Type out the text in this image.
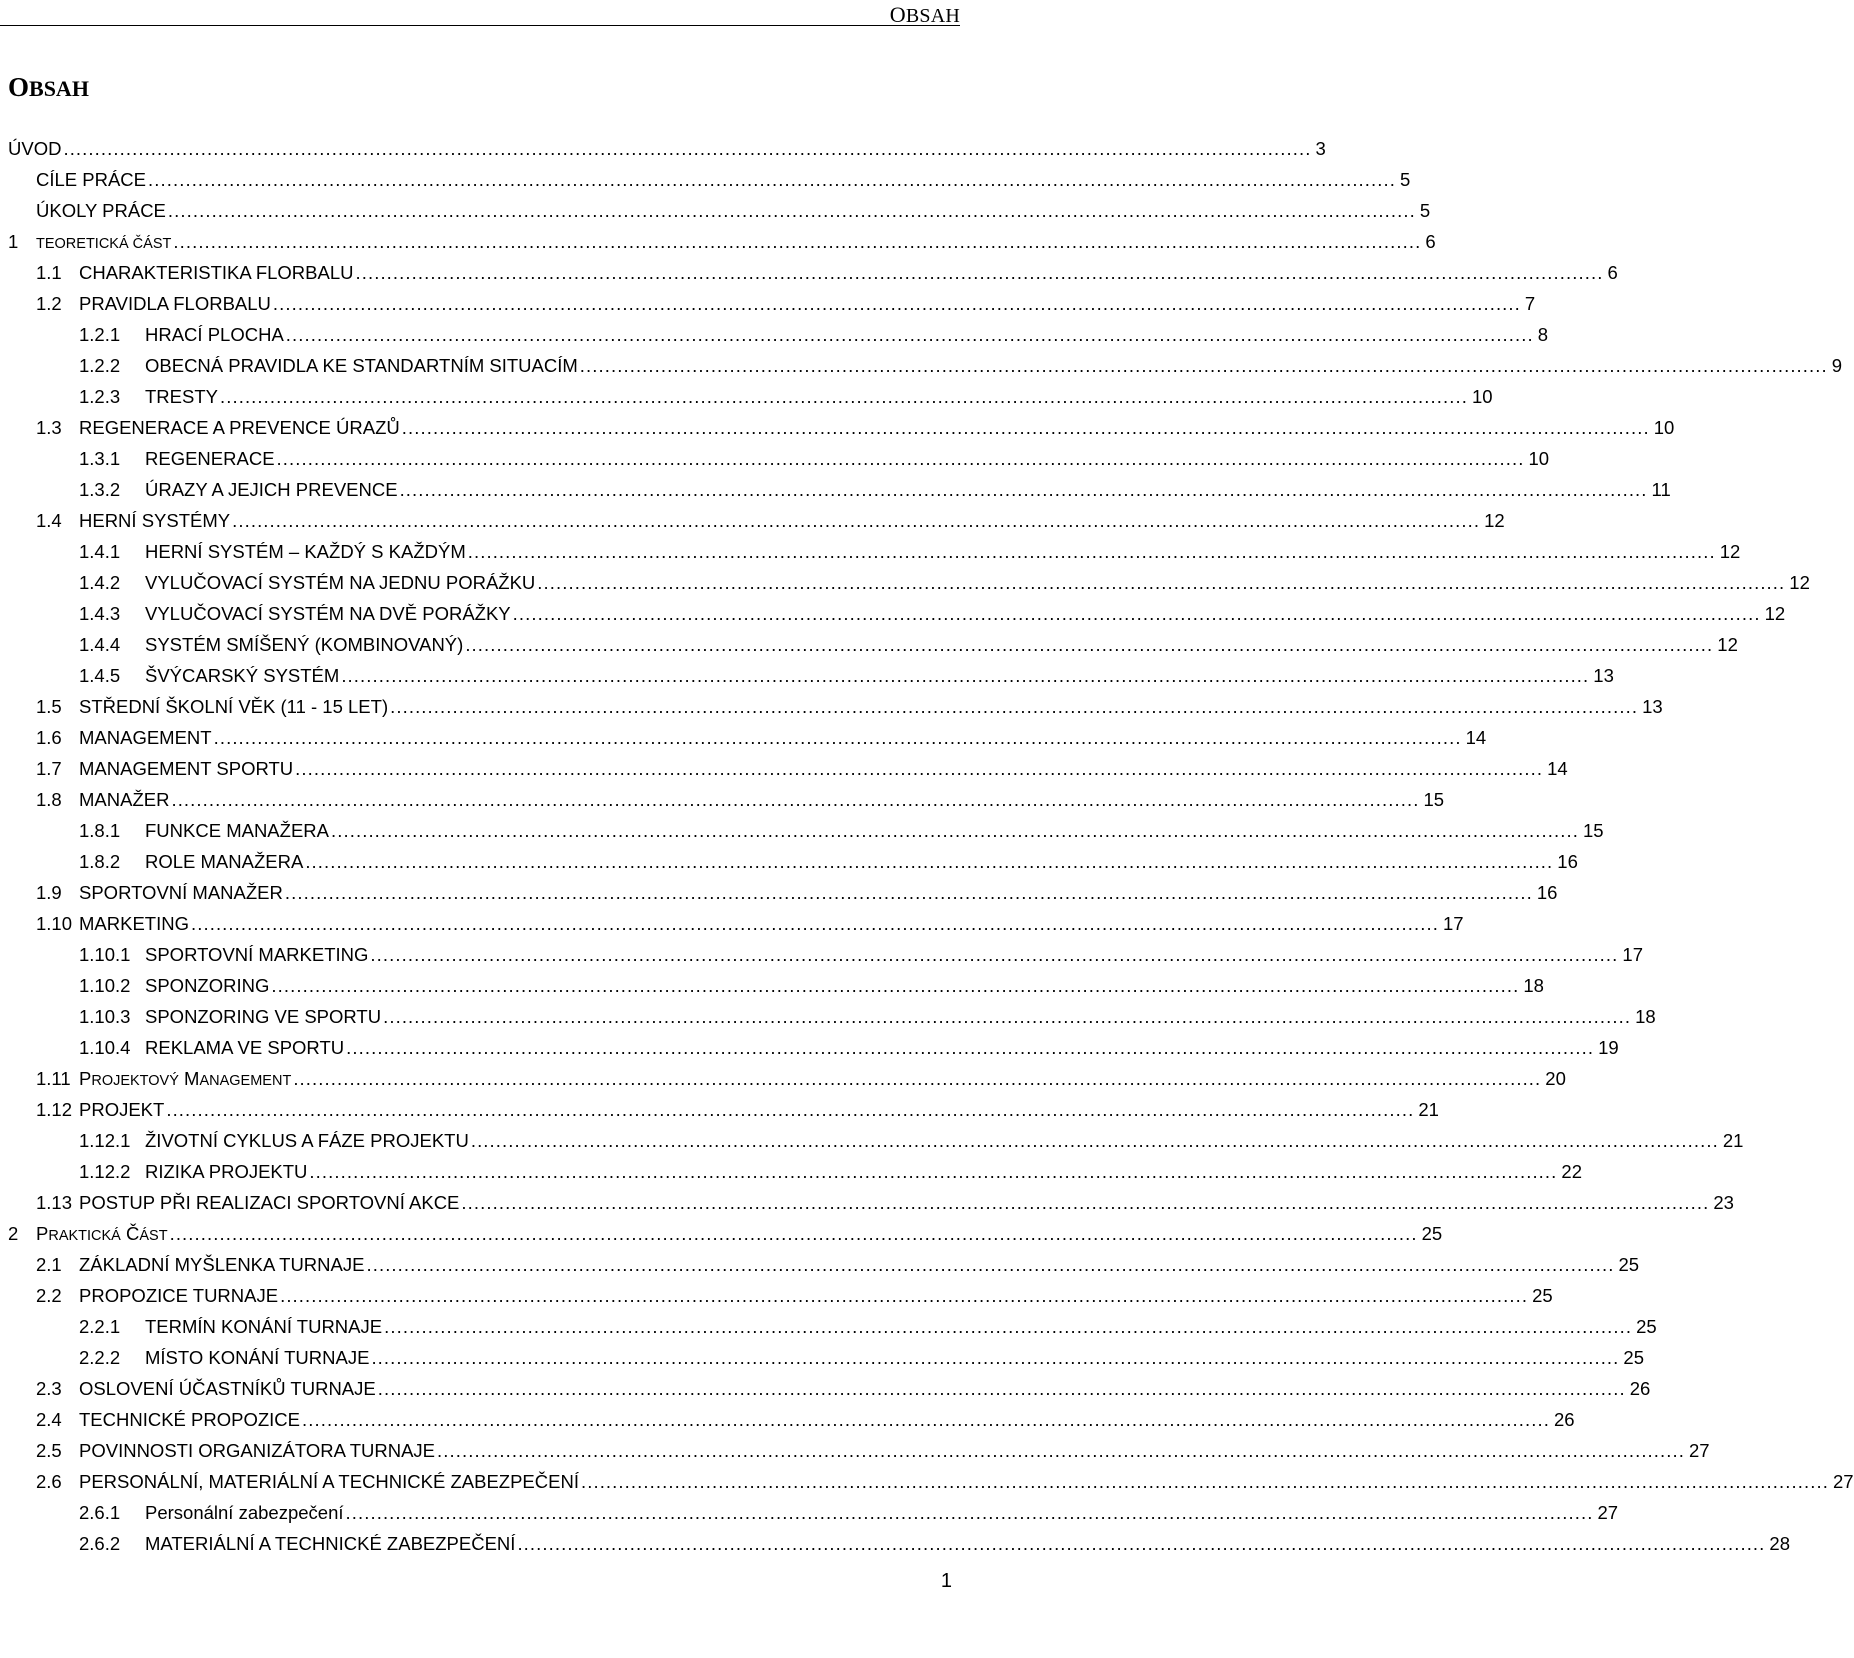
OBSAH
OBSAH
ÚVOD ........................................................................................................................................................................................................ 3
CÍLE PRÁCE ........................................................................................................................................................................................................ 5
ÚKOLY PRÁCE ........................................................................................................................................................................................................ 5
1 TEORETICKÁ ČÁST ........................................................................................................................................................................................................ 6
1.1 CHARAKTERISTIKA FLORBALU ........................................................................................................................................................................................................ 6
1.2 PRAVIDLA FLORBALU ........................................................................................................................................................................................................ 7
1.2.1 HRACÍ PLOCHA ........................................................................................................................................................................................................ 8
1.2.2 OBECNÁ PRAVIDLA KE STANDARTNÍM SITUACÍM ........................................................................................................................................................................................................ 9
1.2.3 TRESTY ........................................................................................................................................................................................................ 10
1.3 REGENERACE A PREVENCE ÚRAZŮ ........................................................................................................................................................................................................ 10
1.3.1 REGENERACE ........................................................................................................................................................................................................ 10
1.3.2 ÚRAZY A JEJICH PREVENCE ........................................................................................................................................................................................................ 11
1.4 HERNÍ SYSTÉMY ........................................................................................................................................................................................................ 12
1.4.1 HERNÍ SYSTÉM – KAŽDÝ S KAŽDÝM ........................................................................................................................................................................................................ 12
1.4.2 VYLUČOVACÍ SYSTÉM NA JEDNU PORÁŽKU ........................................................................................................................................................................................................ 12
1.4.3 VYLUČOVACÍ SYSTÉM NA DVĚ PORÁŽKY ........................................................................................................................................................................................................ 12
1.4.4 SYSTÉM SMÍŠENÝ (KOMBINOVANÝ) ........................................................................................................................................................................................................ 12
1.4.5 ŠVÝCARSKÝ SYSTÉM ........................................................................................................................................................................................................ 13
1.5 STŘEDNÍ ŠKOLNÍ VĚK (11 - 15 LET) ........................................................................................................................................................................................................ 13
1.6 MANAGEMENT ........................................................................................................................................................................................................ 14
1.7 MANAGEMENT SPORTU ........................................................................................................................................................................................................ 14
1.8 MANAŽER ........................................................................................................................................................................................................ 15
1.8.1 FUNKCE MANAŽERA ........................................................................................................................................................................................................ 15
1.8.2 ROLE MANAŽERA ........................................................................................................................................................................................................ 16
1.9 SPORTOVNÍ MANAŽER ........................................................................................................................................................................................................ 16
1.10 MARKETING ........................................................................................................................................................................................................ 17
1.10.1 SPORTOVNÍ MARKETING ........................................................................................................................................................................................................ 17
1.10.2 SPONZORING ........................................................................................................................................................................................................ 18
1.10.3 SPONZORING VE SPORTU ........................................................................................................................................................................................................ 18
1.10.4 REKLAMA VE SPORTU ........................................................................................................................................................................................................ 19
1.11 PROJEKTOVÝ MANAGEMENT ........................................................................................................................................................................................................ 20
1.12 PROJEKT ........................................................................................................................................................................................................ 21
1.12.1 ŽIVOTNÍ CYKLUS A FÁZE PROJEKTU ........................................................................................................................................................................................................ 21
1.12.2 RIZIKA PROJEKTU ........................................................................................................................................................................................................ 22
1.13 POSTUP PŘI REALIZACI SPORTOVNÍ AKCE ........................................................................................................................................................................................................ 23
2 PRAKTICKÁ ČÁST ........................................................................................................................................................................................................ 25
2.1 ZÁKLADNÍ MYŠLENKA TURNAJE ........................................................................................................................................................................................................ 25
2.2 PROPOZICE TURNAJE ........................................................................................................................................................................................................ 25
2.2.1 TERMÍN KONÁNÍ TURNAJE ........................................................................................................................................................................................................ 25
2.2.2 MÍSTO KONÁNÍ TURNAJE ........................................................................................................................................................................................................ 25
2.3 OSLOVENÍ ÚČASTNÍKŮ TURNAJE ........................................................................................................................................................................................................ 26
2.4 TECHNICKÉ PROPOZICE ........................................................................................................................................................................................................ 26
2.5 POVINNOSTI ORGANIZÁTORA TURNAJE ........................................................................................................................................................................................................ 27
2.6 PERSONÁLNÍ, MATERIÁLNÍ A TECHNICKÉ ZABEZPEČENÍ ........................................................................................................................................................................................................ 27
2.6.1 Personální zabezpečení ........................................................................................................................................................................................................ 27
2.6.2 MATERIÁLNÍ A TECHNICKÉ ZABEZPEČENÍ ........................................................................................................................................................................................................ 28
1
